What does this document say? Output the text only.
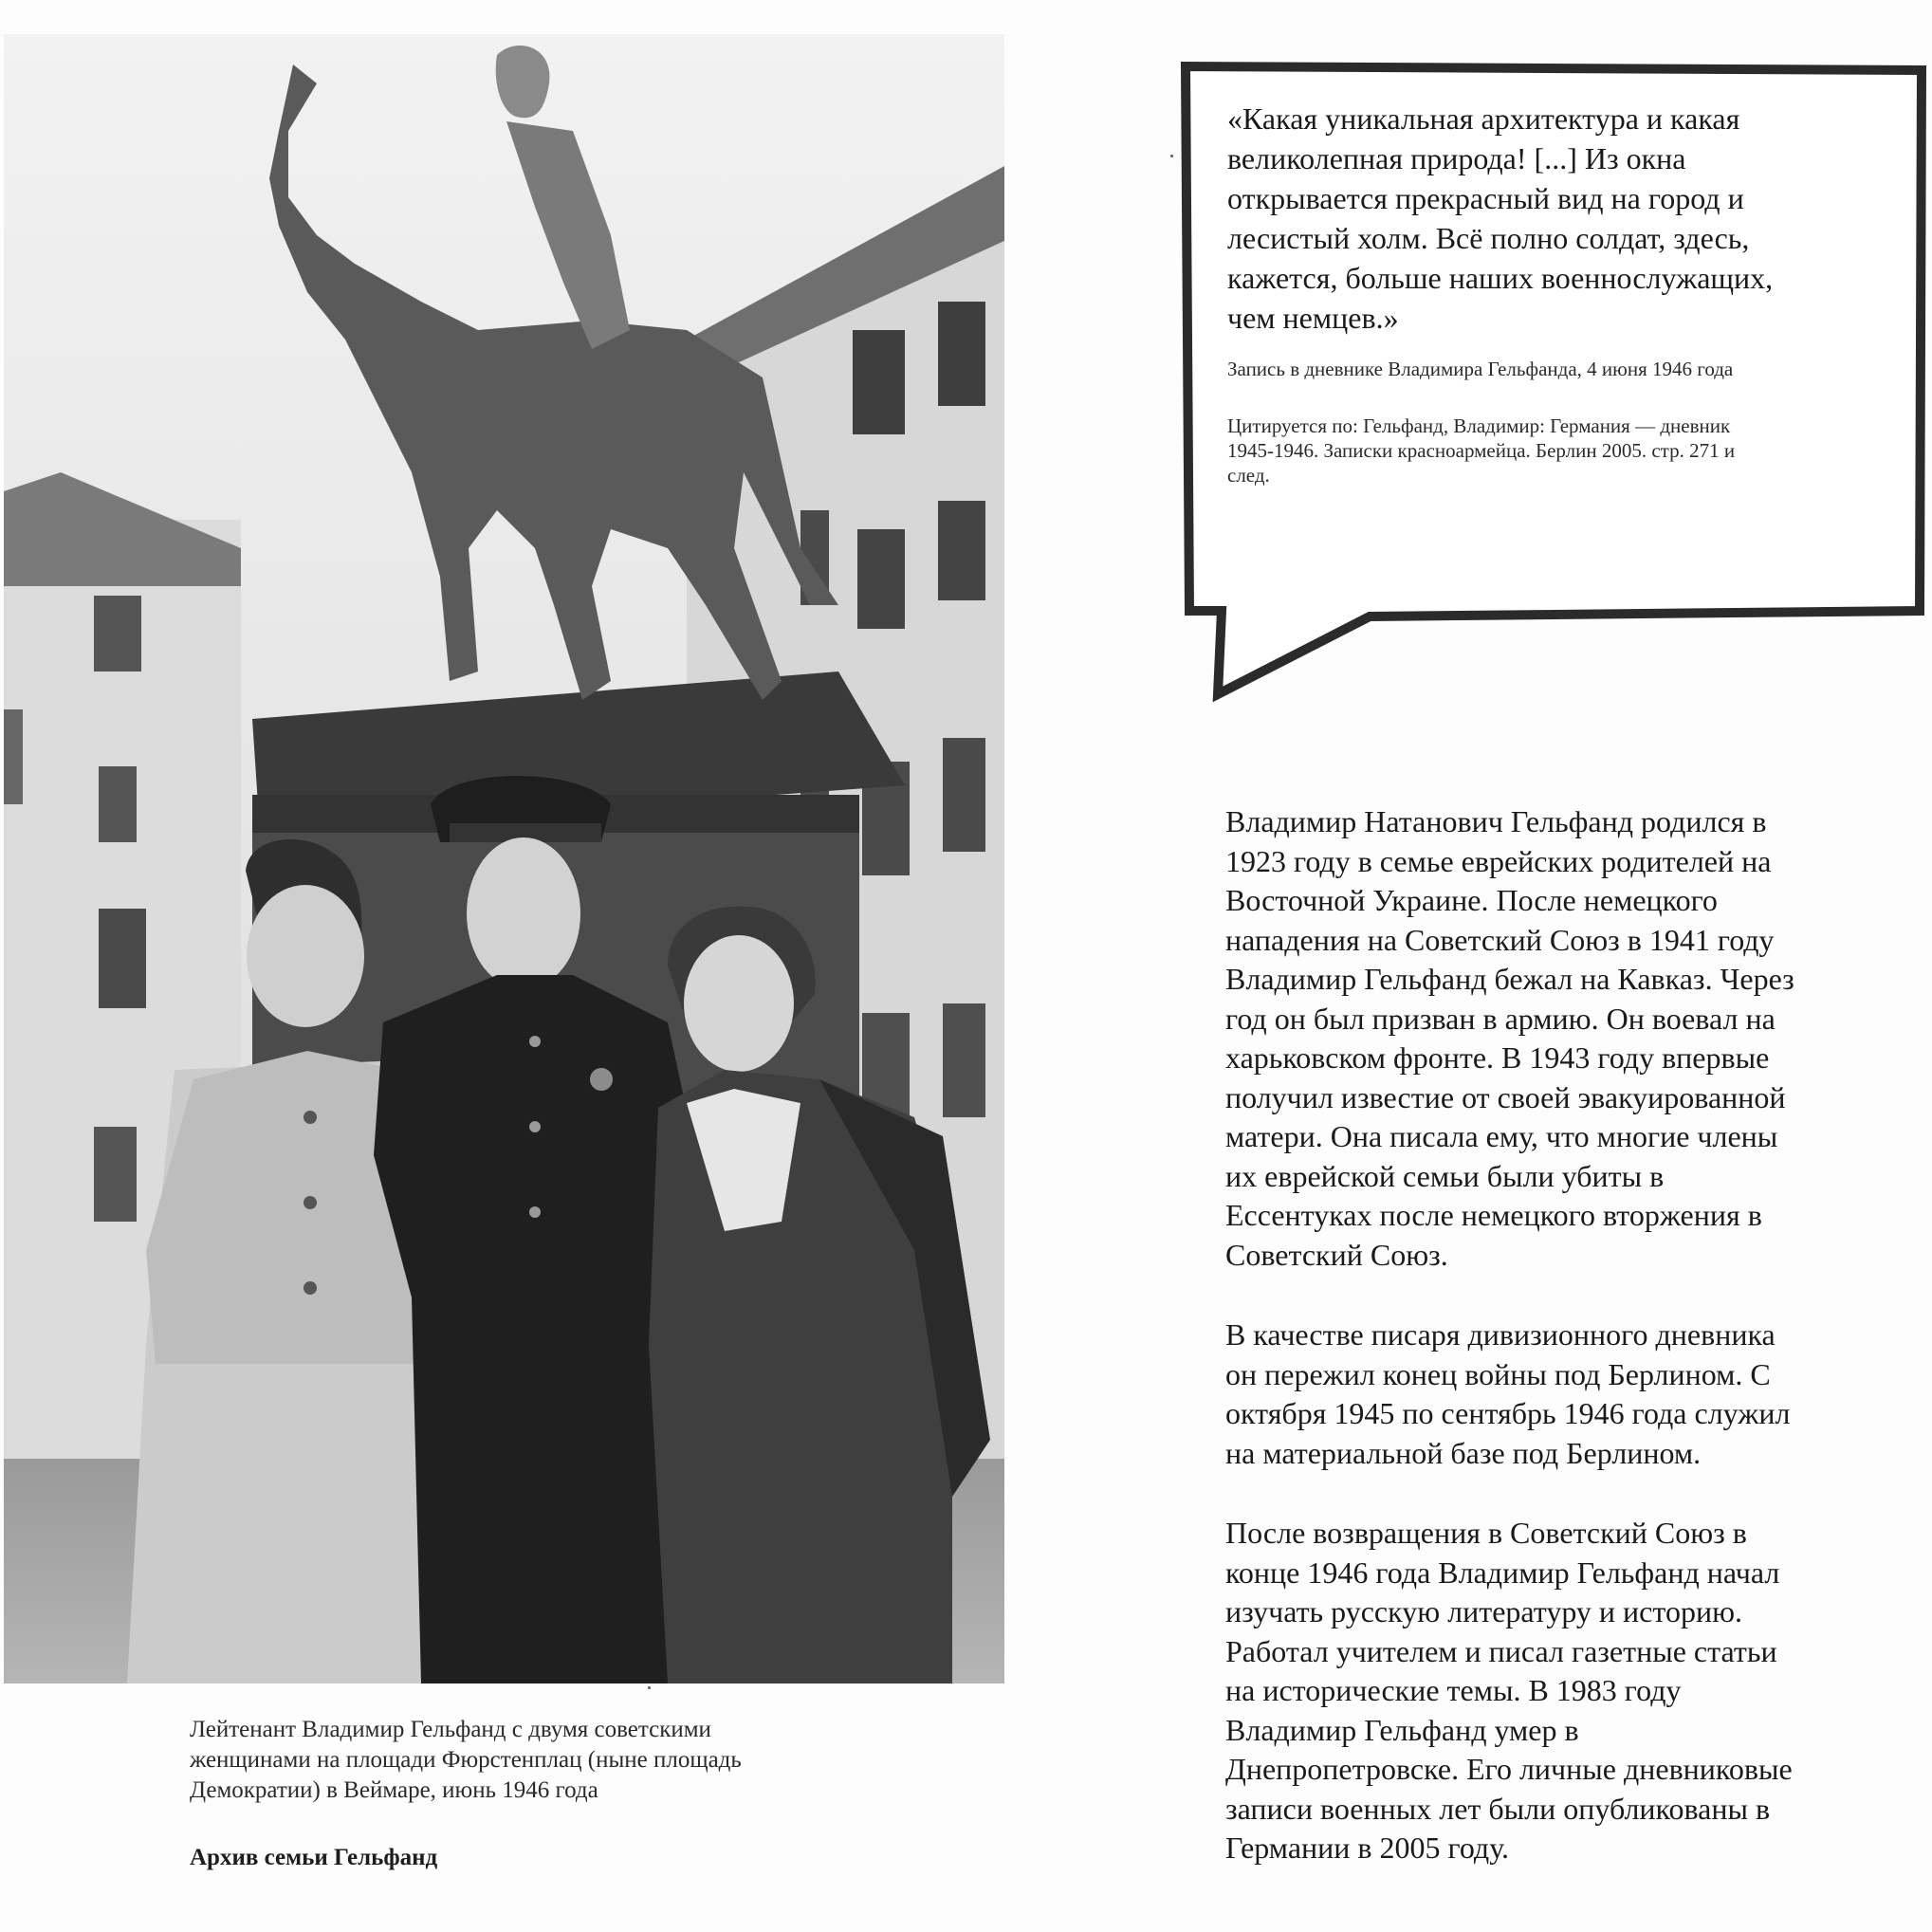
Лейтенант Владимир Гельфанд с двумя советскими

женщинами на площади Фюрстенплац (ныне площадь

Демократии) в Веймаре, июнь 1946 года

Архив семьи Гельфанд

«Какая уникальная архитектура и какая
великолепная природа! [...] Из окна
открывается прекрасный вид на город и
лесистый холм. Всё полно солдат, здесь,
кажется, больше наших военнослужащих,
чем немцев.»

Запись в дневнике Владимира Гельфанда, 4 июня 1946 года

Цитируется по: Гельфанд, Владимир: Германия — дневник
1945-1946. Записки красноармейца. Берлин 2005. стр. 271 и
след.

Владимир Натанович Гельфанд родился в
1923 году в семье еврейских родителей на
Восточной Украине. После немецкого
нападения на Советский Союз в 1941 году
Владимир Гельфанд бежал на Кавказ. Через
год он был призван в армию. Он воевал на
харьковском фронте. В 1943 году впервые
получил известие от своей эвакуированной
матери. Она писала ему, что многие члены
их еврейской семьи были убиты в
Ессентуках после немецкого вторжения в
Советский Союз.

В качестве писаря дивизионного дневника
он пережил конец войны под Берлином. С
октября 1945 по сентябрь 1946 года служил
на материальной базе под Берлином.

После возвращения в Советский Союз в
конце 1946 года Владимир Гельфанд начал
изучать русскую литературу и историю.
Работал учителем и писал газетные статьи
на исторические темы. В 1983 году
Владимир Гельфанд умер в
Днепропетровске. Его личные дневниковые
записи военных лет были опубликованы в
Германии в 2005 году.
